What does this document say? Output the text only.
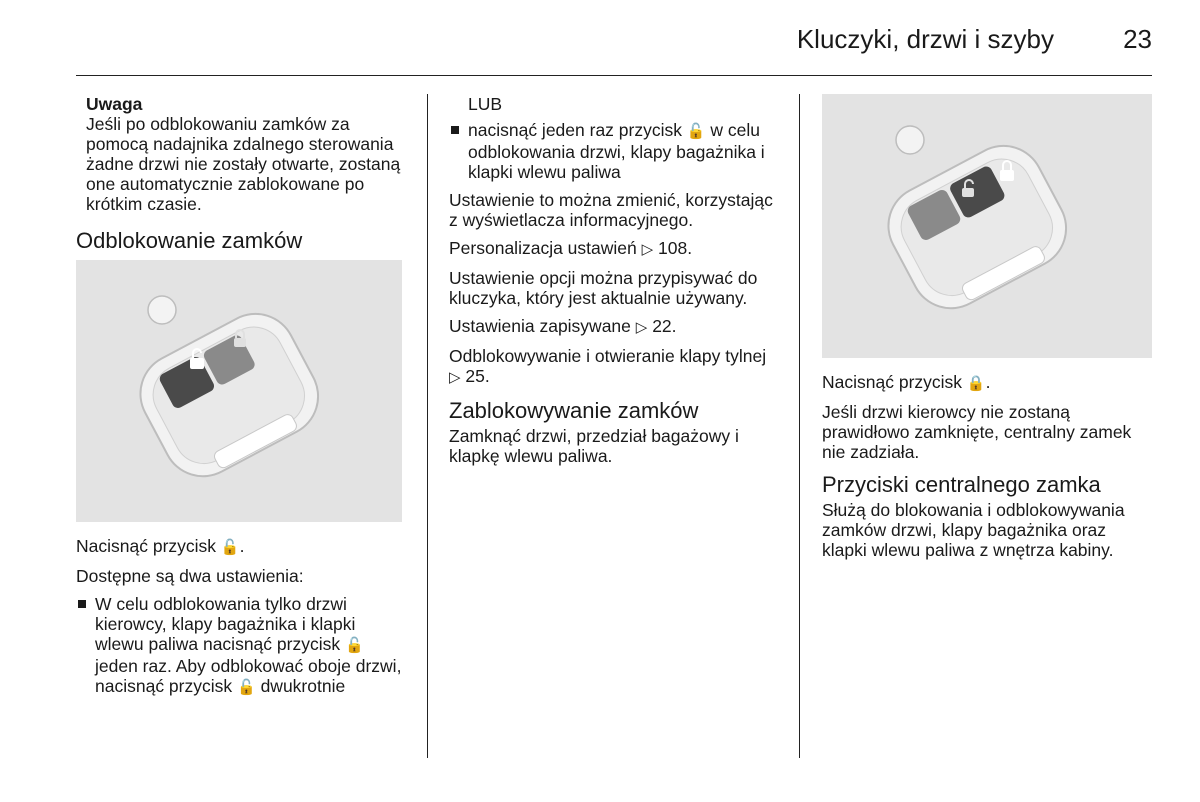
Kluczyki, drzwi i szyby	23
Uwaga
Jeśli po odblokowaniu zamków za pomocą nadajnika zdalnego sterowania żadne drzwi nie zostały otwarte, zostaną one automatycznie zablokowane po krótkim czasie.
Odblokowanie zamków

Nacisnąć przycisk 🔓.

Dostępne są dwa ustawienia:

W celu odblokowania tylko drzwi kierowcy, klapy bagażnika i klapki wlewu paliwa nacisnąć przycisk 🔓 jeden raz. Aby odblokować oboje drzwi, nacisnąć przycisk 🔓 dwukrotnie
LUB
nacisnąć jeden raz przycisk 🔓 w celu odblokowania drzwi, klapy bagażnika i klapki wlewu paliwa

Ustawienie to można zmienić, korzystając z wyświetlacza informacyjnego.

Personalizacja ustawień ▷ 108.

Ustawienie opcji można przypisywać do kluczyka, który jest aktualnie używany.

Ustawienia zapisywane ▷ 22.

Odblokowywanie i otwieranie klapy tylnej ▷ 25.

Zablokowywanie zamków

Zamknąć drzwi, przedział bagażowy i klapkę wlewu paliwa.

Nacisnąć przycisk 🔒.

Jeśli drzwi kierowcy nie zostaną prawidłowo zamknięte, centralny zamek nie zadziała.

Przyciski centralnego zamka

Służą do blokowania i odblokowywania zamków drzwi, klapy bagażnika oraz klapki wlewu paliwa z wnętrza kabiny.
